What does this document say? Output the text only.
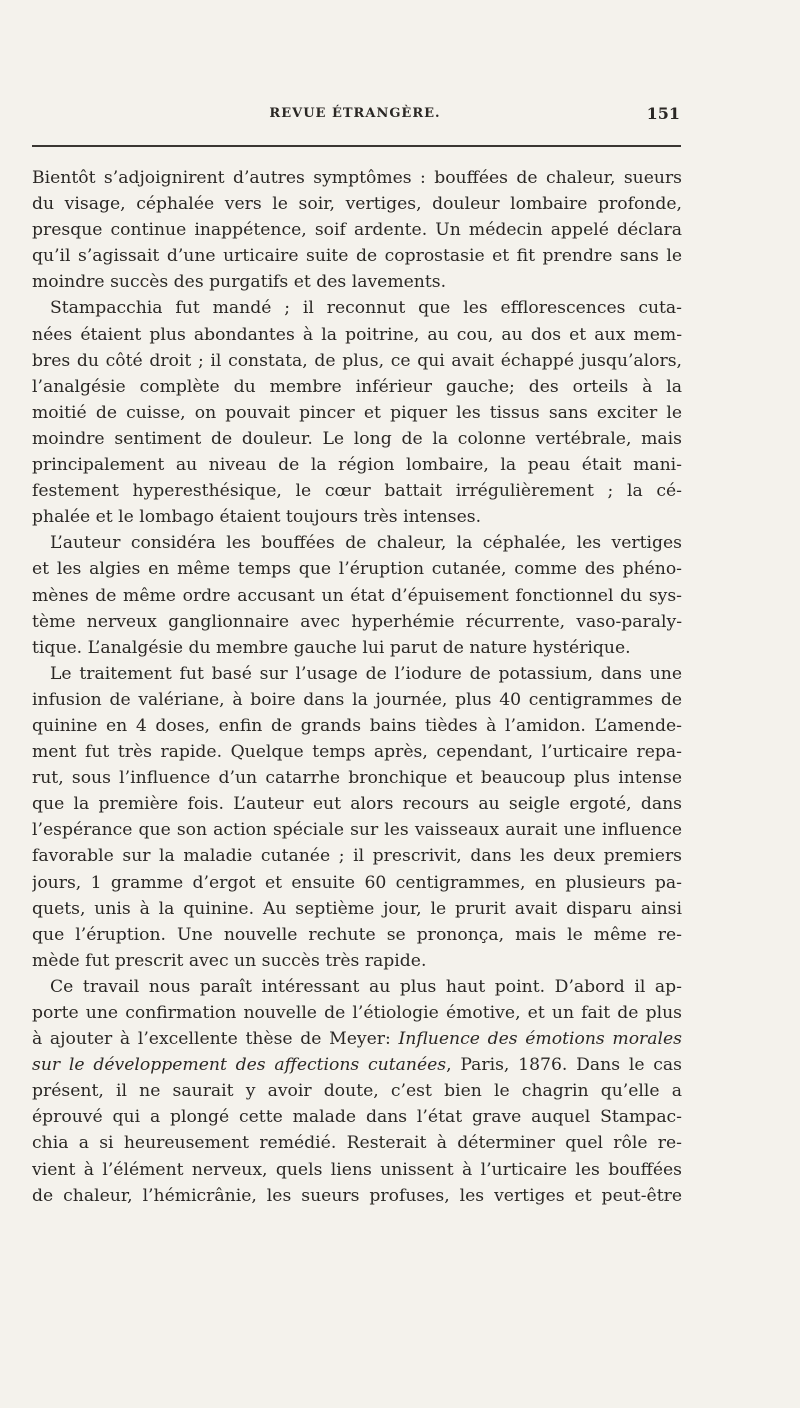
REVUE ÉTRANGÈRE.	151

Bientôt s’adjoignirent d’autres symptômes : bouffées de chaleur, sueurs
du visage, céphalée vers le soir, vertiges, douleur lombaire profonde,
presque continue inappétence, soif ardente. Un médecin appelé déclara
qu’il s’agissait d’une urticaire suite de coprostasie et fit prendre sans le
moindre succès des purgatifs et des lavements.

Stampacchia fut mandé ; il reconnut que les efflorescences cuta-
nées étaient plus abondantes à la poitrine, au cou, au dos et aux mem-
bres du côté droit ; il constata, de plus, ce qui avait échappé jusqu’alors,
l’analgésie complète du membre inférieur gauche; des orteils à la
moitié de cuisse, on pouvait pincer et piquer les tissus sans exciter le
moindre sentiment de douleur. Le long de la colonne vertébrale, mais
principalement au niveau de la région lombaire, la peau était mani-
festement hyperesthésique, le cœur battait irrégulièrement ; la cé-
phalée et le lombago étaient toujours très intenses.

L’auteur considéra les bouffées de chaleur, la céphalée, les vertiges
et les algies en même temps que l’éruption cutanée, comme des phéno-
mènes de même ordre accusant un état d’épuisement fonctionnel du sys-
tème nerveux ganglionnaire avec hyperhémie récurrente, vaso-paraly-
tique. L’analgésie du membre gauche lui parut de nature hystérique.

Le traitement fut basé sur l’usage de l’iodure de potassium, dans une
infusion de valériane, à boire dans la journée, plus 40 centigrammes de
quinine en 4 doses, enfin de grands bains tièdes à l’amidon. L’amende-
ment fut très rapide. Quelque temps après, cependant, l’urticaire repa-
rut, sous l’influence d’un catarrhe bronchique et beaucoup plus intense
que la première fois. L’auteur eut alors recours au seigle ergoté, dans
l’espérance que son action spéciale sur les vaisseaux aurait une influence
favorable sur la maladie cutanée ; il prescrivit, dans les deux premiers
jours, 1 gramme d’ergot et ensuite 60 centigrammes, en plusieurs pa-
quets, unis à la quinine. Au septième jour, le prurit avait disparu ainsi
que l’éruption. Une nouvelle rechute se prononça, mais le même re-
mède fut prescrit avec un succès très rapide.

Ce travail nous paraît intéressant au plus haut point. D’abord il ap-
porte une confirmation nouvelle de l’étiologie émotive, et un fait de plus
à ajouter à l’excellente thèse de Meyer: Influence des émotions morales
sur le développement des affections cutanées, Paris, 1876. Dans le cas
présent, il ne saurait y avoir doute, c’est bien le chagrin qu’elle a
éprouvé qui a plongé cette malade dans l’état grave auquel Stampac-
chia a si heureusement remédié. Resterait à déterminer quel rôle re-
vient à l’élément nerveux, quels liens unissent à l’urticaire les bouffées
de chaleur, l’hémicrânie, les sueurs profuses, les vertiges et peut-être
